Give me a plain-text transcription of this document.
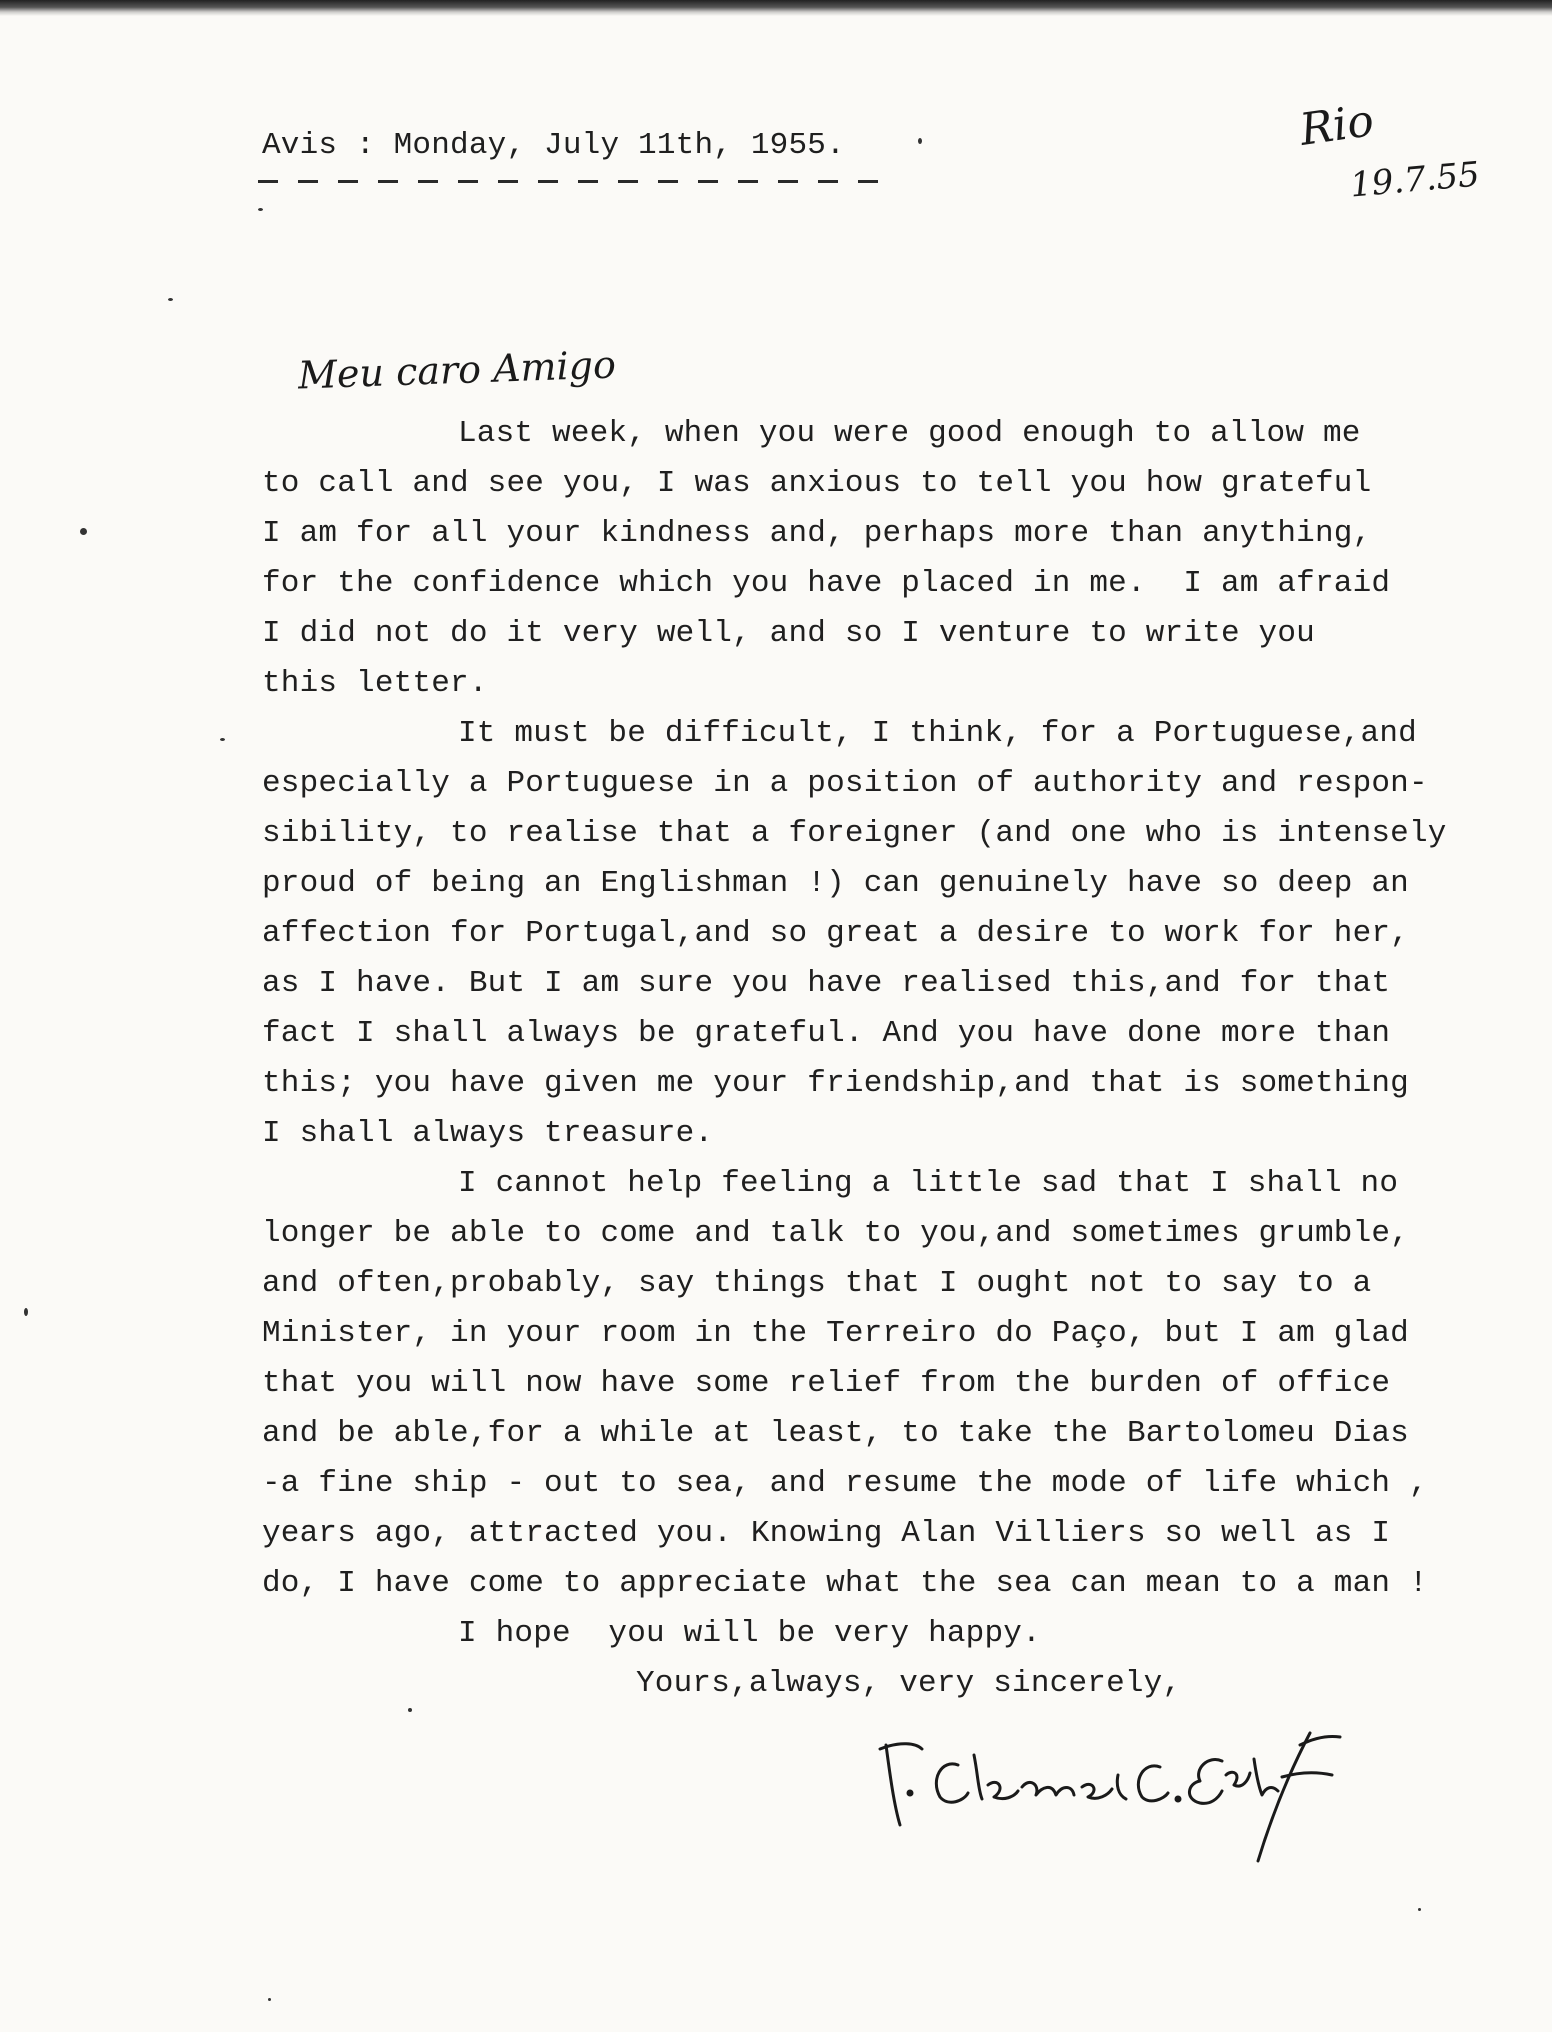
Avis : Monday, July 11th, 1955.	Rio
19.7.55
Meu caro Amigo
Last week, when you were good enough to allow me
to call and see you, I was anxious to tell you how grateful
I am for all your kindness and, perhaps more than anything,
for the confidence which you have placed in me.  I am afraid
I did not do it very well, and so I venture to write you
this letter.
It must be difficult, I think, for a Portuguese,and
especially a Portuguese in a position of authority and respon-
sibility, to realise that a foreigner (and one who is intensely
proud of being an Englishman !) can genuinely have so deep an
affection for Portugal,and so great a desire to work for her,
as I have. But I am sure you have realised this,and for that
fact I shall always be grateful. And you have done more than
this; you have given me your friendship,and that is something
I shall always treasure.
I cannot help feeling a little sad that I shall no
longer be able to come and talk to you,and sometimes grumble,
and often,probably, say things that I ought not to say to a
Minister, in your room in the Terreiro do Paço, but I am glad
that you will now have some relief from the burden of office
and be able,for a while at least, to take the Bartolomeu Dias
-a fine ship - out to sea, and resume the mode of life which ,
years ago, attracted you. Knowing Alan Villiers so well as I
do, I have come to appreciate what the sea can mean to a man !
I hope  you will be very happy.
Yours,always, very sincerely,
